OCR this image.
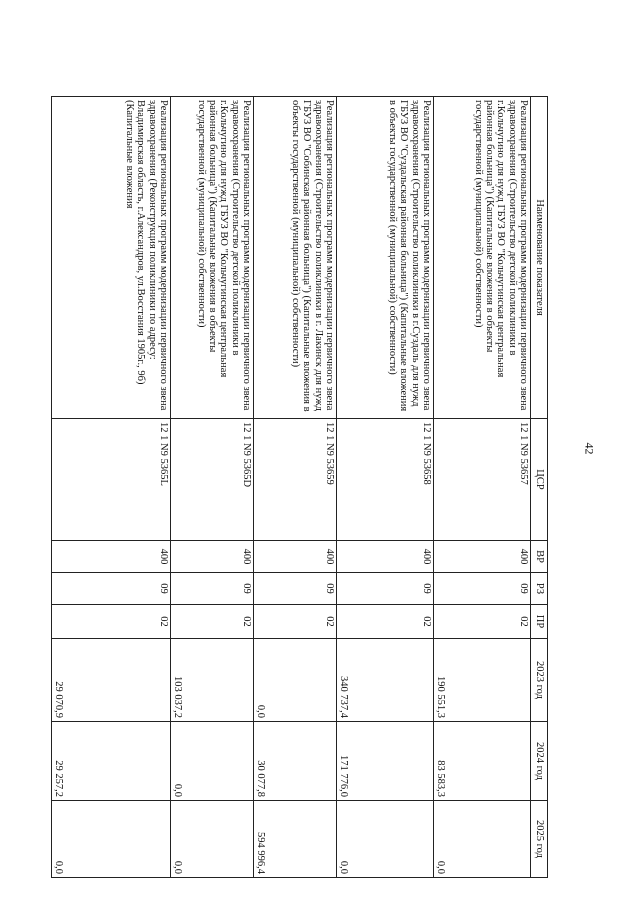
42
Наименование показателя	ЦСР	ВР	РЗ	ПР	2023 год	2024 год	2025 год
Реализация региональных программ модернизации первичного звена здравоохранения (Строительство детской поликлиники в г.Кольчугино для нужд ГБУЗ ВО "Кольчугинская центральная районная больница") (Капитальные вложения в объекты государственной (муниципальной) собственности)	12 1 N9 53657	400	09	02	190 551,3	83 583,3	0,0
Реализация региональных программ модернизации первичного звена здравоохранения (Строительство поликлиники в г.Суздаль для нужд ГБУЗ ВО "Суздальская районная больница") (Капитальные вложения в объекты государственной (муниципальной) собственности)	12 1 N9 53658	400	09	02	340 737,4	171 776,0	0,0
Реализация региональных программ модернизации первичного звена здравоохранения (Строительство поликлиники в г. Лакинск для нужд ГБУЗ ВО "Собинская районная больница") (Капитальные вложения в объекты государственной (муниципальной) собственности)	12 1 N9 53659	400	09	02	0,0	30 077,8	594 996,4
Реализация региональных программ модернизации первичного звена здравоохранения (Строительство детской поликлиники в г.Кольчугино для нужд ГБУЗ ВО "Кольчугинская центральная районная больница") (Капитальные вложения в объекты государственной (муниципальной) собственности)	12 1 N9 5365D	400	09	02	103 037,2	0,0	0,0
Реализация региональных программ модернизации первичного звена здравоохранения (Реконструкция поликлиники по адресу: Владимирская область, г.Александров, ул.Восстания 1905г., 9б) (Капитальные вложения	12 1 N9 5365L	400	09	02	29 070,9	29 257,2	0,0
